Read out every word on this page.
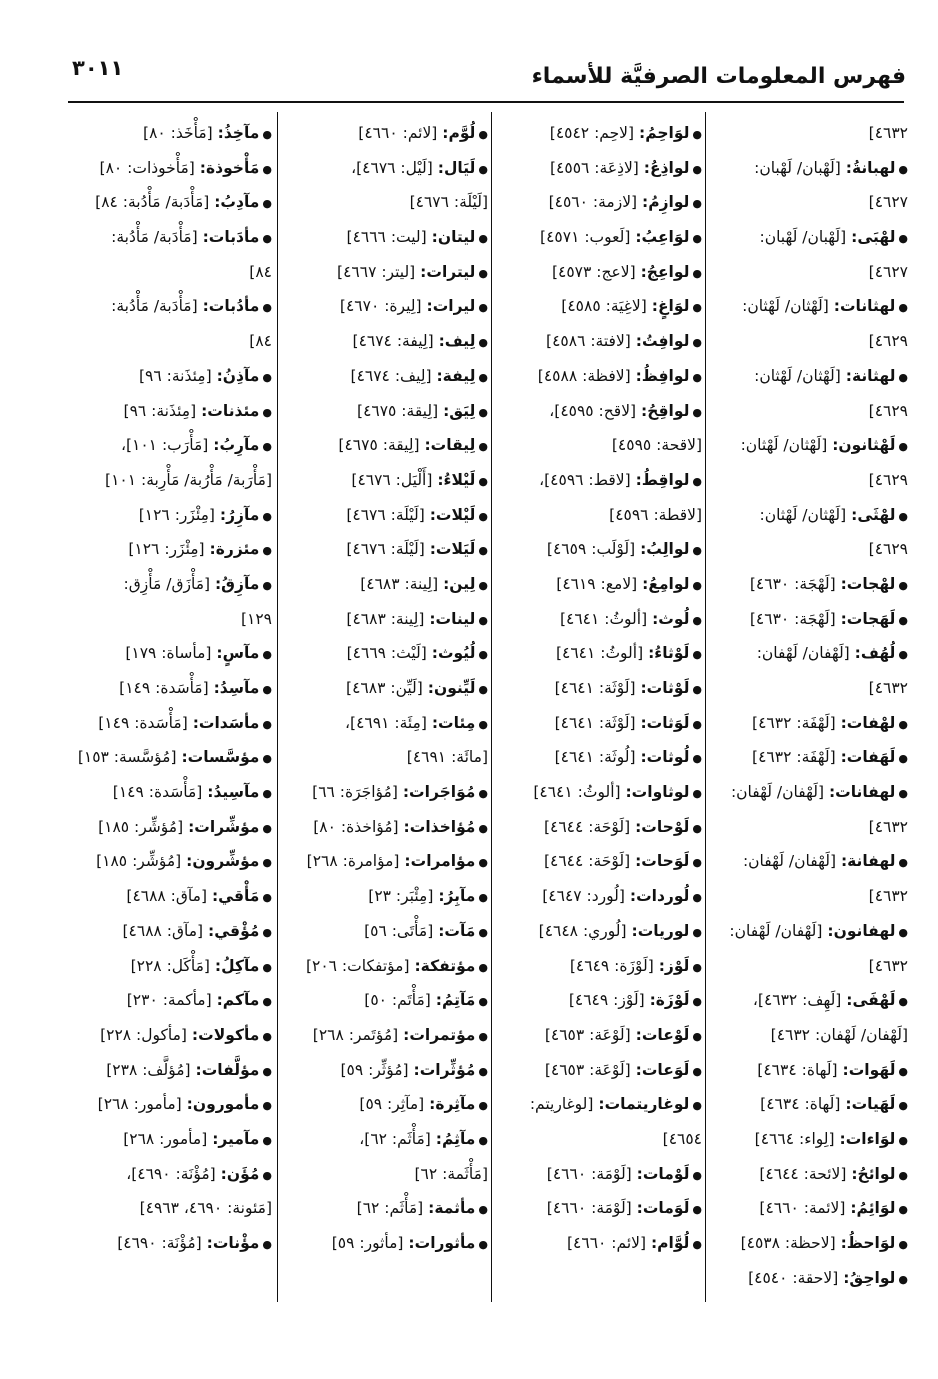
٣٠١١	فهرس المعلومات الصرفيَّة للأسماء
٤٦٣٢]
●لهبانةُ: [لَهْبان/ لَهْبان:
٤٦٢٧]
●لهْبَى: [لَهْبان/ لَهْبان:
٤٦٢٧]
●لهثانات: [لَهْثان/ لَهْثان:
٤٦٢٩]
●لهثانة: [لَهْثان/ لَهْثان:
٤٦٢٩]
●لَهْثانون: [لَهْثان/ لَهْثان:
٤٦٢٩]
●لهْثَى: [لَهْثان/ لَهْثان:
٤٦٢٩]
●لهْجات: [لَهْجَة: ٤٦٣٠]
●لَهَجات: [لَهْجَة: ٤٦٣٠]
●لُهُف: [لَهْفان/ لَهْفان:
٤٦٣٢]
●لهْفات: [لَهْفَة: ٤٦٣٢]
●لَهَفات: [لَهْفَة: ٤٦٣٢]
●لهفانات: [لَهْفان/ لَهْفان:
٤٦٣٢]
●لهفانة: [لَهْفان/ لَهْفان:
٤٦٣٢]
●لهفانون: [لَهْفان/ لَهْفان:
٤٦٣٢]
●لَهْفَى: [لَهِف: ٤٦٣٢]،
[لَهْفان/ لَهْفان: ٤٦٣٢]
●لَهَوات: [لَهاة: ٤٦٣٤]
●لَهَيات: [لَهاة: ٤٦٣٤]
●لوَاءات: [لِواء: ٤٦٦٤]
●لوائحُ: [لائحة: ٤٦٤٤]
●لوَائِمُ: [لائمة: ٤٦٦٠]
●لوَاحظُ: [لاحظة: ٤٥٣٨]
●لواحِقُ: [لاحقة: ٤٥٤٠]
●لوَاحِمُ: [لاحِم: ٤٥٤٢]
●لواذِعُ: [لاذِعَة: ٤٥٥٦]
●لوازِمُ: [لازمة: ٤٥٦٠]
●لوَاعِبُ: [لَعوب: ٤٥٧١]
●لواعِجُ: [لاعج: ٤٥٧٣]
●لوَاغٍ: [لاغِيَة: ٤٥٨٥]
●لوافِتُ: [لافتة: ٤٥٨٦]
●لوافِظُ: [لافظة: ٤٥٨٨]
●لواقِحُ: [لاقح: ٤٥٩٥]،
[لاقحة: ٤٥٩٥]
●لواقِطُ: [لاقط: ٤٥٩٦]،
[لاقطة: ٤٥٩٦]
●لوالِبُ: [لَوْلَب: ٤٦٥٩]
●لوامِعُ: [لامع: ٤٦١٩]
●لُوث: [ألوثُ: ٤٦٤١]
●لَوْثاءُ: [ألوثُ: ٤٦٤١]
●لَوْثات: [لَوْثَة: ٤٦٤١]
●لَوَثات: [لَوْثَة: ٤٦٤١]
●لُوثات: [لُوثَة: ٤٦٤١]
●لوثاوات: [ألوثُ: ٤٦٤١]
●لَوْحات: [لَوْحَة: ٤٦٤٤]
●لَوَحات: [لَوْحَة: ٤٦٤٤]
●لُوردات: [لُورد: ٤٦٤٧]
●لوريات: [لُوري: ٤٦٤٨]
●لَوْز: [لَوْزَة: ٤٦٤٩]
●لَوْزَة: [لَوْز: ٤٦٤٩]
●لَوْعات: [لَوْعَة: ٤٦٥٣]
●لَوَعات: [لَوْعَة: ٤٦٥٣]
●لوغاريتمات: [لوغاريتم:
٤٦٥٤]
●لَوْمات: [لَوْمَة: ٤٦٦٠]
●لَوَمات: [لَوْمَة: ٤٦٦٠]
●لُوَّام: [لائم: ٤٦٦٠]
●لُوَّم: [لائم: ٤٦٦٠]
●لَيَال: [لَيْل: ٤٦٧٦]،
[لَيْلَة: ٤٦٧٦]
●ليتان: [ليت: ٤٦٦٦]
●ليترات: [ليتر: ٤٦٦٧]
●ليرات: [لِيرة: ٤٦٧٠]
●لِيف: [لِيفة: ٤٦٧٤]
●لِيفة: [لِيف: ٤٦٧٤]
●لِيَق: [لِيقة: ٤٦٧٥]
●لِيقات: [لِيقة: ٤٦٧٥]
●لَيْلاءُ: [أَلْيَل: ٤٦٧٦]
●لَيْلات: [لَيْلَة: ٤٦٧٦]
●لَيَلات: [لَيْلَة: ٤٦٧٦]
●لِين: [لِينة: ٤٦٨٣]
●لينات: [لِينة: ٤٦٨٣]
●لُيُوث: [لَيْث: ٤٦٦٩]
●لَيِّنون: [لَيِّن: ٤٦٨٣]
●مِئات: [مِئَة: ٤٦٩١]،
[مائَة: ٤٦٩١]
●مُوَاجَرات: [مُؤاجَرَة: ٦٦]
●مُؤاخذات: [مُؤاخذة: ٨٠]
●مؤامرات: [مؤامرة: ٢٦٨]
●مآبِرُ: [مِئْبَر: ٢٣]
●مَآت: [مَأْتَى: ٥٦]
●مؤتفكة: [مؤتفكات: ٢٠٦]
●مَآتِمُ: [مَأْتَم: ٥٠]
●مؤتمرات: [مُؤتَمر: ٢٦٨]
●مُؤثِّرات: [مُؤثِّر: ٥٩]
●مآثِرة: [مآثِر: ٥٩]
●مآثِمُ: [مَأْثَم: ٦٢]،
[مَأْثَمة: ٦٢]
●مأثمة: [مَأْثَم: ٦٢]
●مأثورات: [مأثور: ٥٩]
●مآخِذُ: [مَأْخَذ: ٨٠]
●مَأْخوذة: [مَأْخوذات: ٨٠]
●مآدِبُ: [مَأْدَبة/ مَأْدُبة: ٨٤]
●مأدَبات: [مَأْدَبة/ مَأْدُبة:
٨٤]
●مأدُبات: [مَأْدَبة/ مَأْدُبة:
٨٤]
●مآذِنُ: [مِئذَنة: ٩٦]
●مئذنات: [مِئذَنة: ٩٦]
●مآرِبُ: [مَأْرَب: ١٠١]،
[مَأْرَبة/ مَأْرُبة/ مَأْرِبة: ١٠١]
●مآزِرُ: [مِئْزَر: ١٢٦]
●مئزرة: [مِئْزَر: ١٢٦]
●مآزِقُ: [مَأْزَق/ مَأْزِق:
١٢٩]
●مآسٍ: [مأساة: ١٧٩]
●مآسِدُ: [مَأْسَدة: ١٤٩]
●مأسَدات: [مَأْسَدة: ١٤٩]
●مؤسَّسات: [مُؤسَّسة: ١٥٣]
●مآسِيدُ: [مَأْسَدة: ١٤٩]
●مؤشِّرات: [مُؤشِّر: ١٨٥]
●مؤشِّرون: [مُؤشِّر: ١٨٥]
●مَأْقي: [مآق: ٤٦٨٨]
●مُؤْقي: [مآق: ٤٦٨٨]
●مآكِلُ: [مَأْكَل: ٢٢٨]
●مآكم: [مأكمة: ٢٣٠]
●مأكولات: [مأكول: ٢٢٨]
●مؤلَّفات: [مُؤلَّف: ٢٣٨]
●مأمورون: [مأمور: ٢٦٨]
●مآمير: [مأمور: ٢٦٨]
●مُؤَن: [مُؤْنَة: ٤٦٩٠]،
[مَئونة: ٤٦٩٠، ٤٩٦٣]
●مؤْنات: [مُؤْنَة: ٤٦٩٠]
